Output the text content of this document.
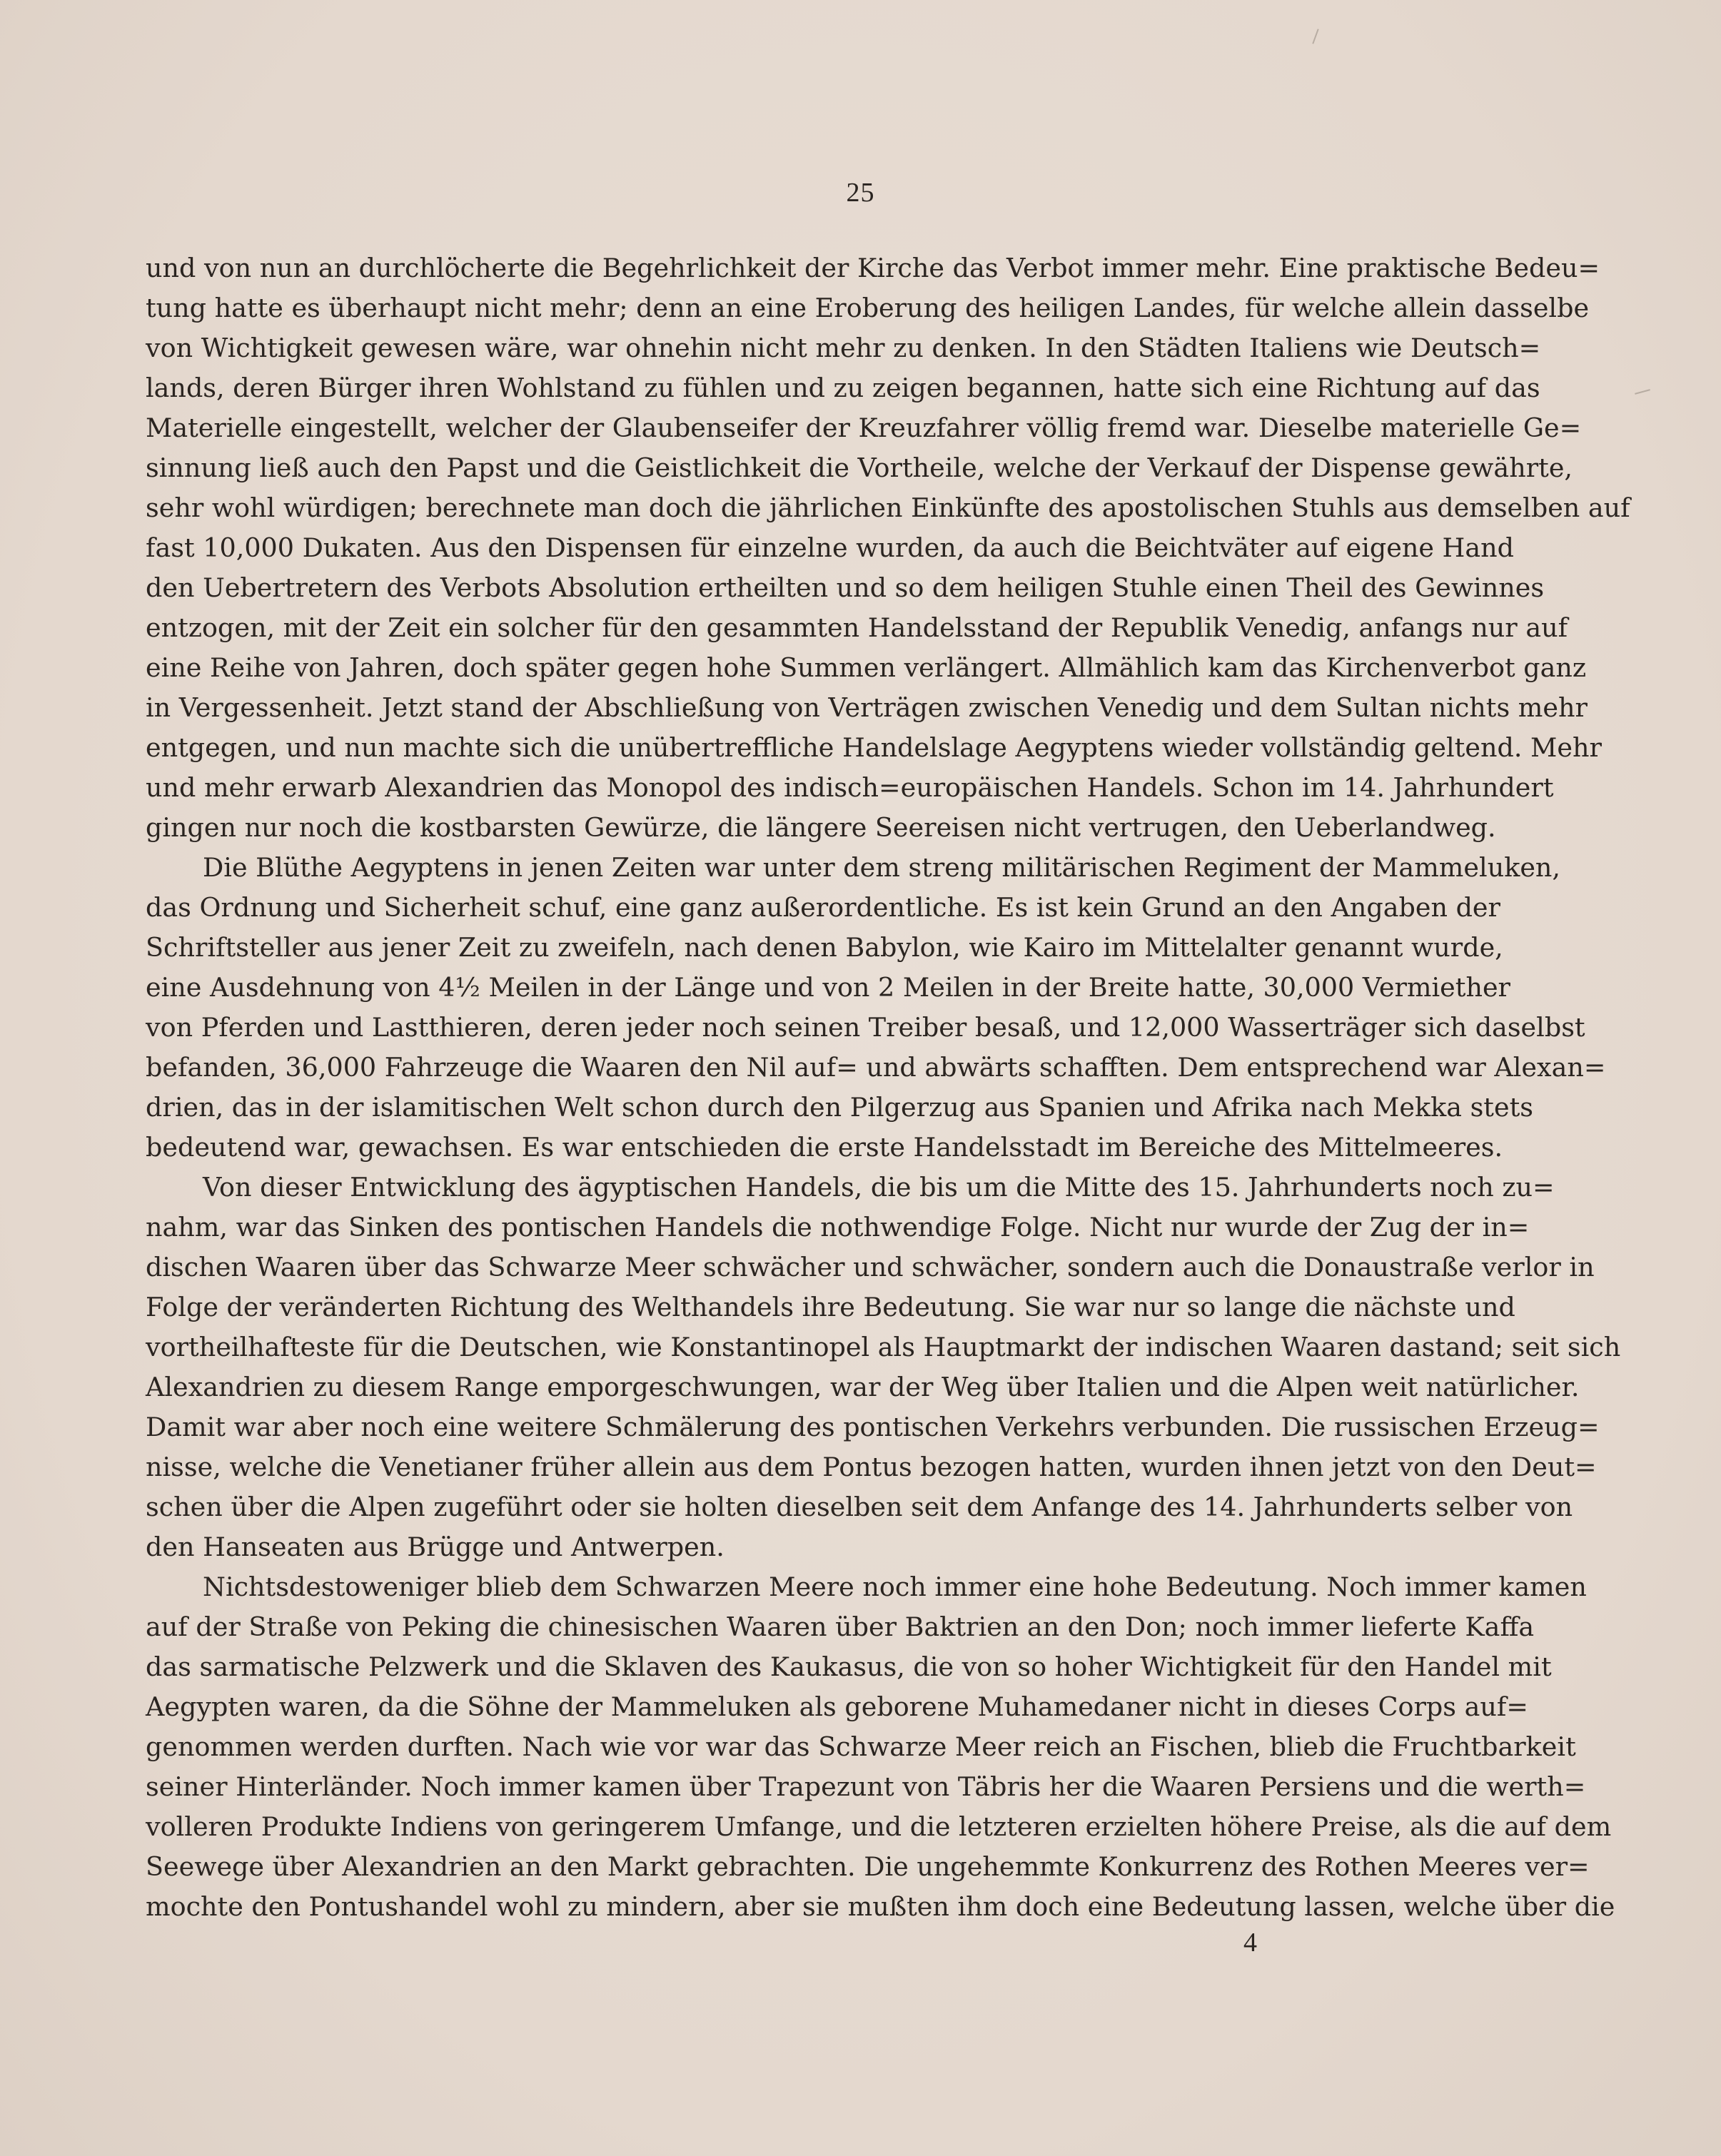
25
und von nun an durchlöcherte die Begehrlichkeit der Kirche das Verbot immer mehr. Eine praktische Bedeu=
tung hatte es überhaupt nicht mehr; denn an eine Eroberung des heiligen Landes, für welche allein dasselbe
von Wichtigkeit gewesen wäre, war ohnehin nicht mehr zu denken. In den Städten Italiens wie Deutsch=
lands, deren Bürger ihren Wohlstand zu fühlen und zu zeigen begannen, hatte sich eine Richtung auf das
Materielle eingestellt, welcher der Glaubenseifer der Kreuzfahrer völlig fremd war. Dieselbe materielle Ge=
sinnung ließ auch den Papst und die Geistlichkeit die Vortheile, welche der Verkauf der Dispense gewährte,
sehr wohl würdigen; berechnete man doch die jährlichen Einkünfte des apostolischen Stuhls aus demselben auf
fast 10,000 Dukaten. Aus den Dispensen für einzelne wurden, da auch die Beichtväter auf eigene Hand
den Uebertretern des Verbots Absolution ertheilten und so dem heiligen Stuhle einen Theil des Gewinnes
entzogen, mit der Zeit ein solcher für den gesammten Handelsstand der Republik Venedig, anfangs nur auf
eine Reihe von Jahren, doch später gegen hohe Summen verlängert. Allmählich kam das Kirchenverbot ganz
in Vergessenheit. Jetzt stand der Abschließung von Verträgen zwischen Venedig und dem Sultan nichts mehr
entgegen, und nun machte sich die unübertreffliche Handelslage Aegyptens wieder vollständig geltend. Mehr
und mehr erwarb Alexandrien das Monopol des indisch=europäischen Handels. Schon im 14. Jahrhundert
gingen nur noch die kostbarsten Gewürze, die längere Seereisen nicht vertrugen, den Ueberlandweg.
Die Blüthe Aegyptens in jenen Zeiten war unter dem streng militärischen Regiment der Mammeluken,
das Ordnung und Sicherheit schuf, eine ganz außerordentliche. Es ist kein Grund an den Angaben der
Schriftsteller aus jener Zeit zu zweifeln, nach denen Babylon, wie Kairo im Mittelalter genannt wurde,
eine Ausdehnung von 4½ Meilen in der Länge und von 2 Meilen in der Breite hatte, 30,000 Vermiether
von Pferden und Lastthieren, deren jeder noch seinen Treiber besaß, und 12,000 Wasserträger sich daselbst
befanden, 36,000 Fahrzeuge die Waaren den Nil auf= und abwärts schafften. Dem entsprechend war Alexan=
drien, das in der islamitischen Welt schon durch den Pilgerzug aus Spanien und Afrika nach Mekka stets
bedeutend war, gewachsen. Es war entschieden die erste Handelsstadt im Bereiche des Mittelmeeres.
Von dieser Entwicklung des ägyptischen Handels, die bis um die Mitte des 15. Jahrhunderts noch zu=
nahm, war das Sinken des pontischen Handels die nothwendige Folge. Nicht nur wurde der Zug der in=
dischen Waaren über das Schwarze Meer schwächer und schwächer, sondern auch die Donaustraße verlor in
Folge der veränderten Richtung des Welthandels ihre Bedeutung. Sie war nur so lange die nächste und
vortheilhafteste für die Deutschen, wie Konstantinopel als Hauptmarkt der indischen Waaren dastand; seit sich
Alexandrien zu diesem Range emporgeschwungen, war der Weg über Italien und die Alpen weit natürlicher.
Damit war aber noch eine weitere Schmälerung des pontischen Verkehrs verbunden. Die russischen Erzeug=
nisse, welche die Venetianer früher allein aus dem Pontus bezogen hatten, wurden ihnen jetzt von den Deut=
schen über die Alpen zugeführt oder sie holten dieselben seit dem Anfange des 14. Jahrhunderts selber von
den Hanseaten aus Brügge und Antwerpen.
Nichtsdestoweniger blieb dem Schwarzen Meere noch immer eine hohe Bedeutung. Noch immer kamen
auf der Straße von Peking die chinesischen Waaren über Baktrien an den Don; noch immer lieferte Kaffa
das sarmatische Pelzwerk und die Sklaven des Kaukasus, die von so hoher Wichtigkeit für den Handel mit
Aegypten waren, da die Söhne der Mammeluken als geborene Muhamedaner nicht in dieses Corps auf=
genommen werden durften. Nach wie vor war das Schwarze Meer reich an Fischen, blieb die Fruchtbarkeit
seiner Hinterländer. Noch immer kamen über Trapezunt von Täbris her die Waaren Persiens und die werth=
volleren Produkte Indiens von geringerem Umfange, und die letzteren erzielten höhere Preise, als die auf dem
Seewege über Alexandrien an den Markt gebrachten. Die ungehemmte Konkurrenz des Rothen Meeres ver=
mochte den Pontushandel wohl zu mindern, aber sie mußten ihm doch eine Bedeutung lassen, welche über die
4
